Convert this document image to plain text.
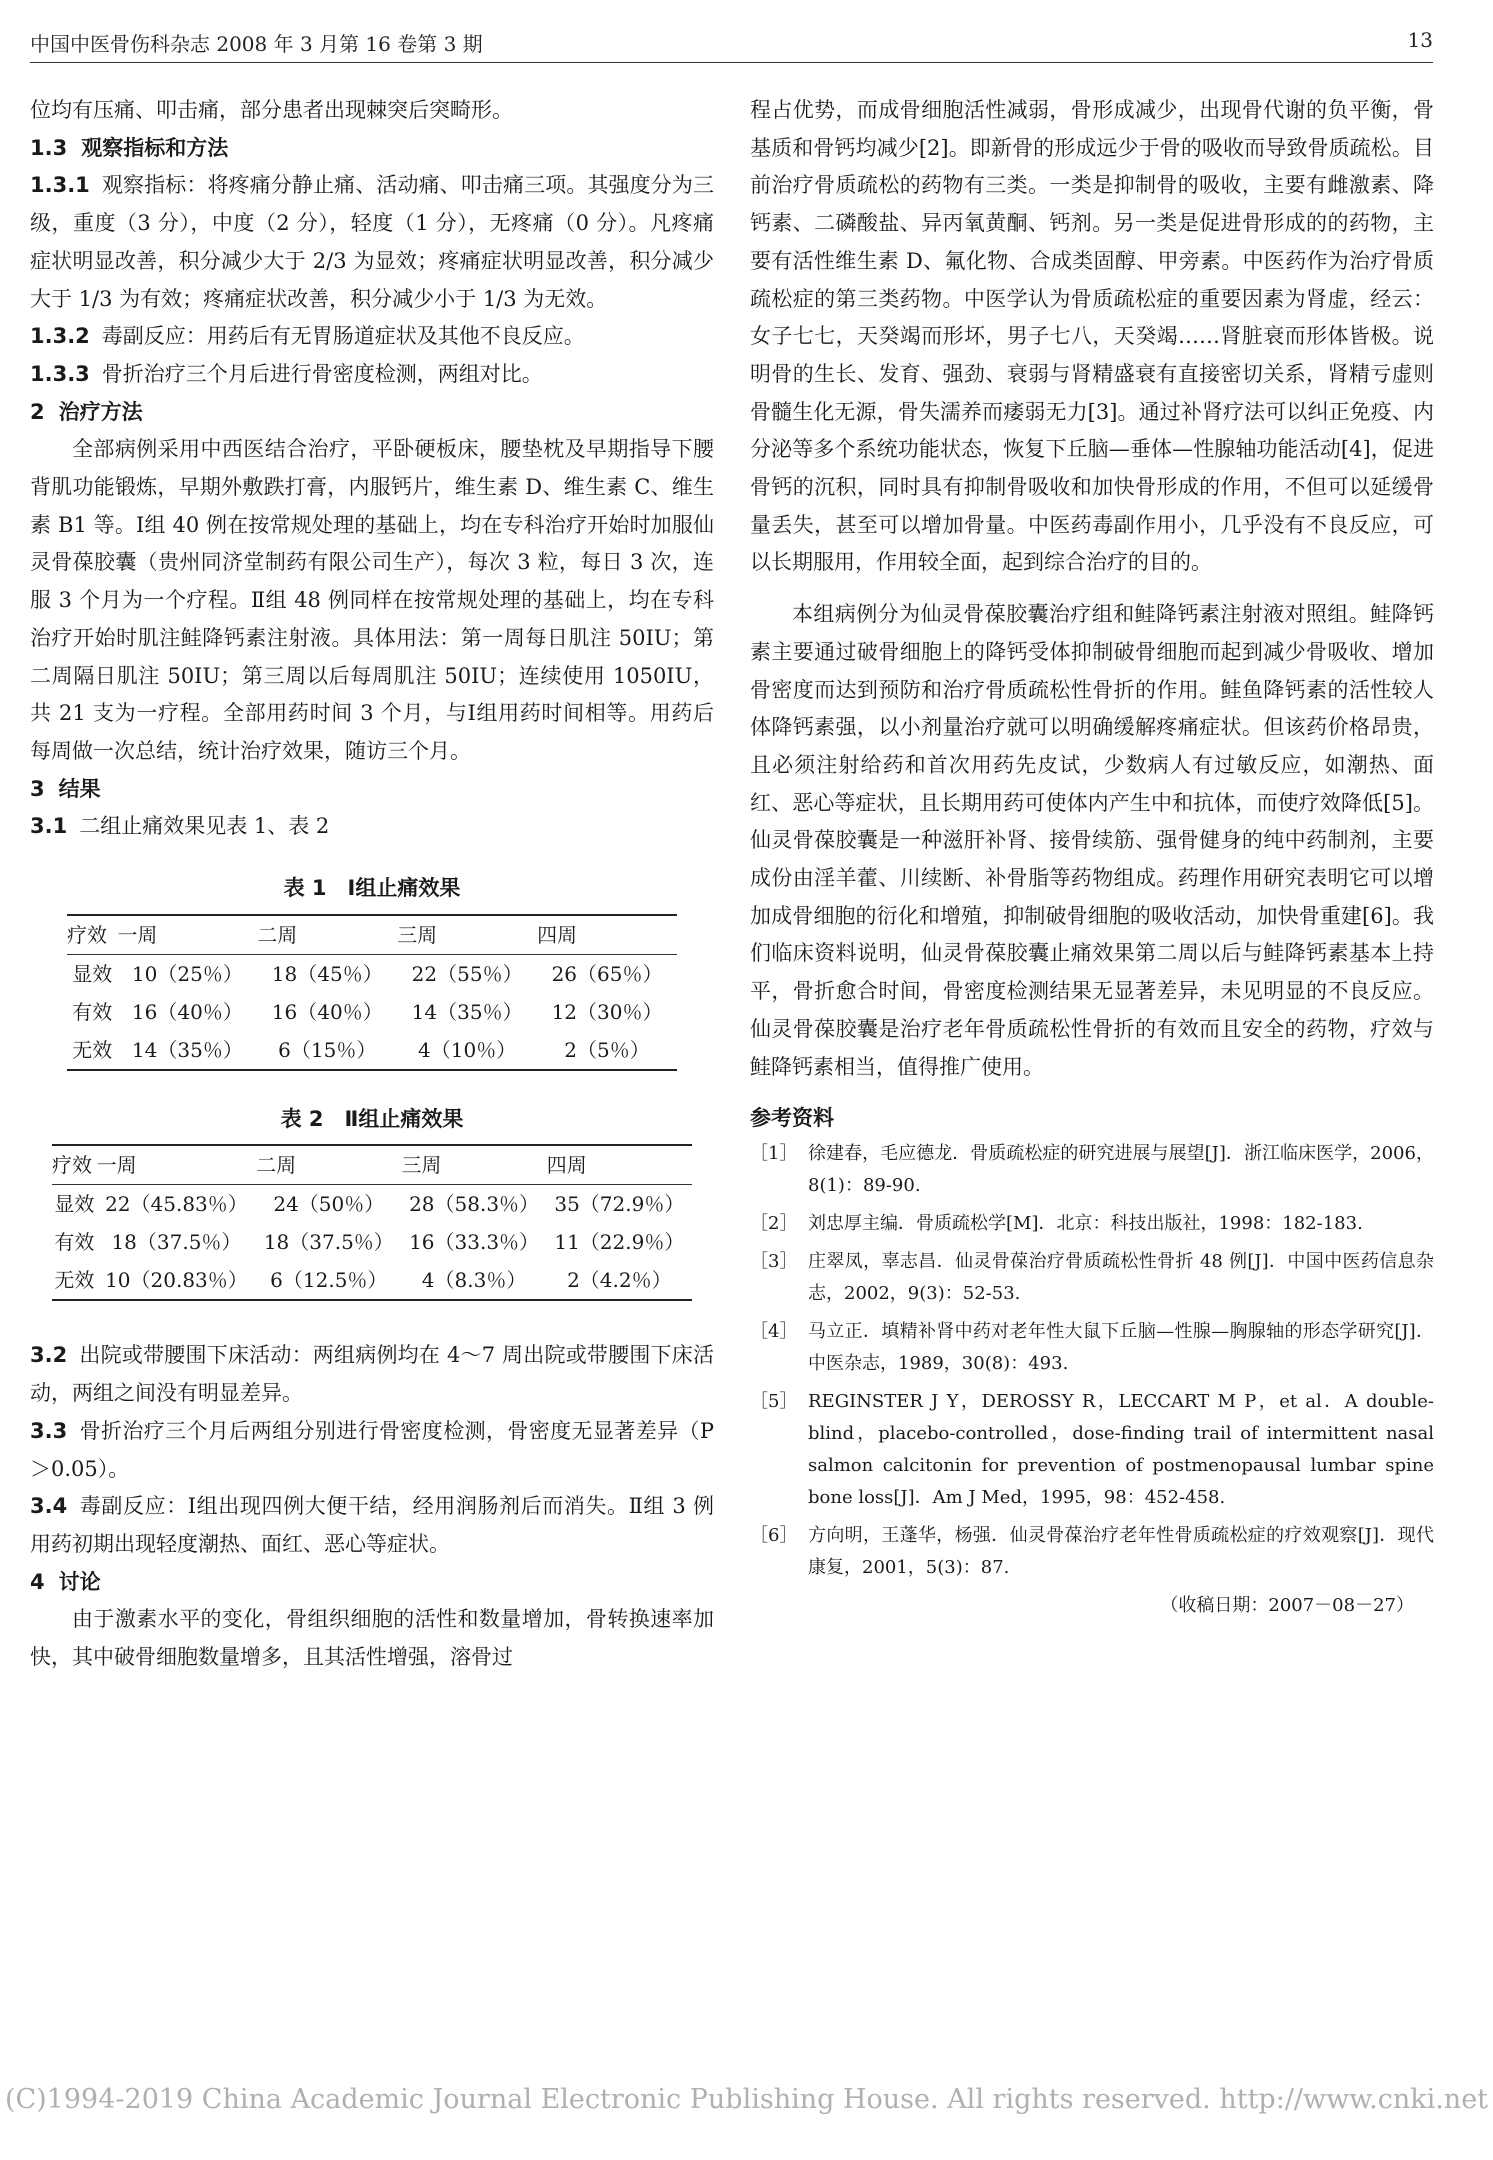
中国中医骨伤科杂志 2008 年 3 月第 16 卷第 3 期	13

位均有压痛、叩击痛，部分患者出现棘突后突畸形。

1.3 观察指标和方法

1.3.1 观察指标：将疼痛分静止痛、活动痛、叩击痛三项。其强度分为三级，重度（3 分），中度（2 分），轻度（1 分），无疼痛（0 分）。凡疼痛症状明显改善，积分减少大于 2/3 为显效；疼痛症状明显改善，积分减少大于 1/3 为有效；疼痛症状改善，积分减少小于 1/3 为无效。

1.3.2 毒副反应：用药后有无胃肠道症状及其他不良反应。

1.3.3 骨折治疗三个月后进行骨密度检测，两组对比。

2 治疗方法

全部病例采用中西医结合治疗，平卧硬板床，腰垫枕及早期指导下腰背肌功能锻炼，早期外敷跌打膏，内服钙片，维生素 D、维生素 C、维生素 B1 等。Ⅰ组 40 例在按常规处理的基础上，均在专科治疗开始时加服仙灵骨葆胶囊（贵州同济堂制药有限公司生产），每次 3 粒，每日 3 次，连服 3 个月为一个疗程。Ⅱ组 48 例同样在按常规处理的基础上，均在专科治疗开始时肌注鲑降钙素注射液。具体用法：第一周每日肌注 50IU；第二周隔日肌注 50IU；第三周以后每周肌注 50IU；连续使用 1050IU，共 21 支为一疗程。全部用药时间 3 个月，与Ⅰ组用药时间相等。用药后每周做一次总结，统计治疗效果，随访三个月。

3 结果

3.1 二组止痛效果见表 1、表 2

表 1　Ⅰ组止痛效果
疗效	一周	二周	三周	四周
显效	10（25％）	18（45％）	22（55％）	26（65％）
有效	16（40％）	16（40％）	14（35％）	12（30％）
无效	14（35％）	6（15％）	4（10％）	2（5％）
表 2　Ⅱ组止痛效果
疗效	一周	二周	三周	四周
显效	22（45.83％）	24（50％）	28（58.3％）	35（72.9％）
有效	18（37.5％）	18（37.5％）	16（33.3％）	11（22.9％）
无效	10（20.83％）	6（12.5％）	4（8.3％）	2（4.2％）

3.2 出院或带腰围下床活动：两组病例均在 4～7 周出院或带腰围下床活动，两组之间没有明显差异。

3.3 骨折治疗三个月后两组分别进行骨密度检测，骨密度无显著差异（P＞0.05）。

3.4 毒副反应：Ⅰ组出现四例大便干结，经用润肠剂后而消失。Ⅱ组 3 例用药初期出现轻度潮热、面红、恶心等症状。

4 讨论

由于激素水平的变化，骨组织细胞的活性和数量增加，骨转换速率加快，其中破骨细胞数量增多，且其活性增强，溶骨过

程占优势，而成骨细胞活性减弱，骨形成减少，出现骨代谢的负平衡，骨基质和骨钙均减少[2]。即新骨的形成远少于骨的吸收而导致骨质疏松。目前治疗骨质疏松的药物有三类。一类是抑制骨的吸收，主要有雌激素、降钙素、二磷酸盐、异丙氧黄酮、钙剂。另一类是促进骨形成的的药物，主要有活性维生素 D、氟化物、合成类固醇、甲旁素。中医药作为治疗骨质疏松症的第三类药物。中医学认为骨质疏松症的重要因素为肾虚，经云：女子七七，天癸竭而形坏，男子七八，天癸竭……肾脏衰而形体皆极。说明骨的生长、发育、强劲、衰弱与肾精盛衰有直接密切关系，肾精亏虚则骨髓生化无源，骨失濡养而痿弱无力[3]。通过补肾疗法可以纠正免疫、内分泌等多个系统功能状态，恢复下丘脑—垂体—性腺轴功能活动[4]，促进骨钙的沉积，同时具有抑制骨吸收和加快骨形成的作用，不但可以延缓骨量丢失，甚至可以增加骨量。中医药毒副作用小，几乎没有不良反应，可以长期服用，作用较全面，起到综合治疗的目的。

本组病例分为仙灵骨葆胶囊治疗组和鲑降钙素注射液对照组。鲑降钙素主要通过破骨细胞上的降钙受体抑制破骨细胞而起到减少骨吸收、增加骨密度而达到预防和治疗骨质疏松性骨折的作用。鲑鱼降钙素的活性较人体降钙素强，以小剂量治疗就可以明确缓解疼痛症状。但该药价格昂贵，且必须注射给药和首次用药先皮试，少数病人有过敏反应，如潮热、面红、恶心等症状，且长期用药可使体内产生中和抗体，而使疗效降低[5]。仙灵骨葆胶囊是一种滋肝补肾、接骨续筋、强骨健身的纯中药制剂，主要成份由淫羊藿、川续断、补骨脂等药物组成。药理作用研究表明它可以增加成骨细胞的衍化和增殖，抑制破骨细胞的吸收活动，加快骨重建[6]。我们临床资料说明，仙灵骨葆胶囊止痛效果第二周以后与鲑降钙素基本上持平，骨折愈合时间，骨密度检测结果无显著差异，未见明显的不良反应。仙灵骨葆胶囊是治疗老年骨质疏松性骨折的有效而且安全的药物，疗效与鲑降钙素相当，值得推广使用。

参考资料

［1］ 徐建春，毛应德龙．骨质疏松症的研究进展与展望[J]．浙江临床医学，2006，8(1)：89-90.
［2］ 刘忠厚主编．骨质疏松学[M]．北京：科技出版社，1998：182-183.
［3］ 庄翠凤，辜志昌．仙灵骨葆治疗骨质疏松性骨折 48 例[J]．中国中医药信息杂志，2002，9(3)：52-53.
［4］ 马立正．填精补肾中药对老年性大鼠下丘脑—性腺—胸腺轴的形态学研究[J]．中医杂志，1989，30(8)：493.
［5］ REGINSTER J Y，DEROSSY R，LECCART M P，et al．A double-blind，placebo-controlled，dose-finding trail of intermittent nasal salmon calcitonin for prevention of postmenopausal lumbar spine bone loss[J]．Am J Med，1995，98：452-458.
［6］ 方向明，王蓬华，杨强．仙灵骨葆治疗老年性骨质疏松症的疗效观察[J]．现代康复，2001，5(3)：87.

（收稿日期：2007－08－27）

(C)1994-2019 China Academic Journal Electronic Publishing House. All rights reserved. http://www.cnki.net
